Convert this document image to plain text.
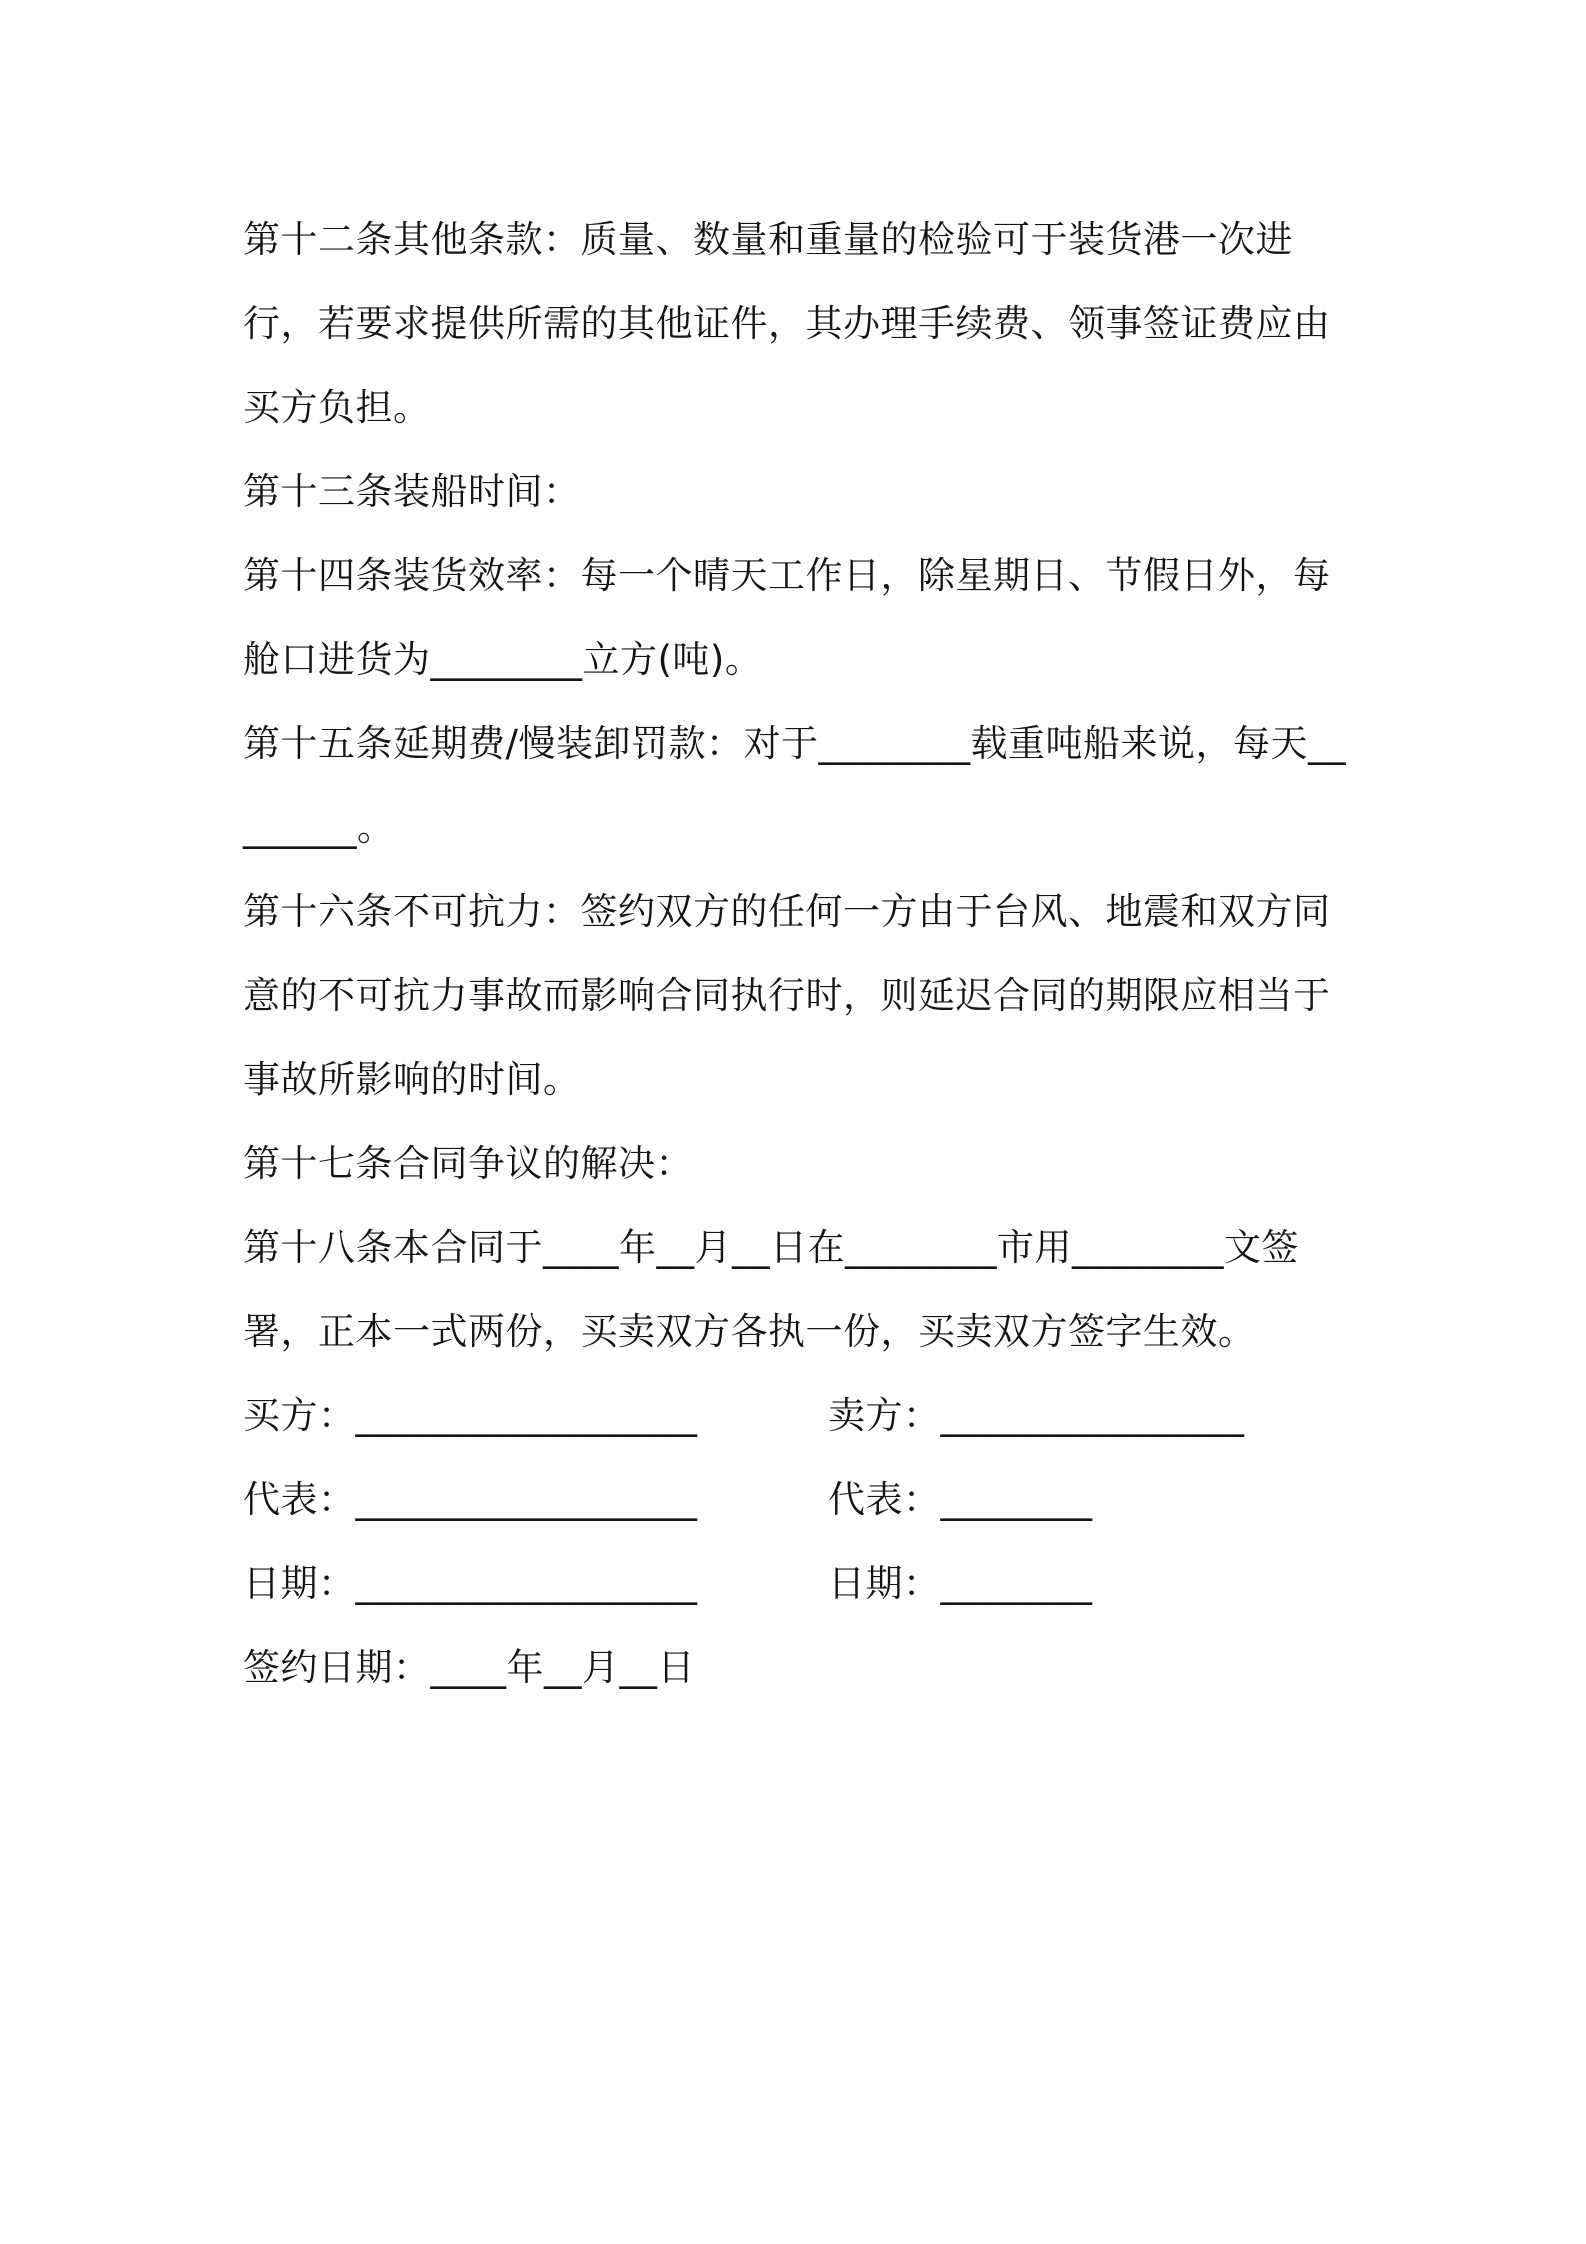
第十二条其他条款：质量、数量和重量的检验可于装货港一次进行，若要求提供所需的其他证件，其办理手续费、领事签证费应由买方负担。

第十三条装船时间：

第十四条装货效率：每一个晴天工作日，除星期日、节假日外，每舱口进货为________立方(吨)。

第十五条延期费/慢装卸罚款：对于________载重吨船来说，每天________。

第十六条不可抗力：签约双方的任何一方由于台风、地震和双方同意的不可抗力事故而影响合同执行时，则延迟合同的期限应相当于事故所影响的时间。

第十七条合同争议的解决：

第十八条本合同于____年__月__日在________市用________文签署，正本一式两份，买卖双方各执一份，买卖双方签字生效。

买方：__________________	卖方：________________
代表：__________________	代表：________
日期：__________________	日期：________
签约日期：____年__月__日
